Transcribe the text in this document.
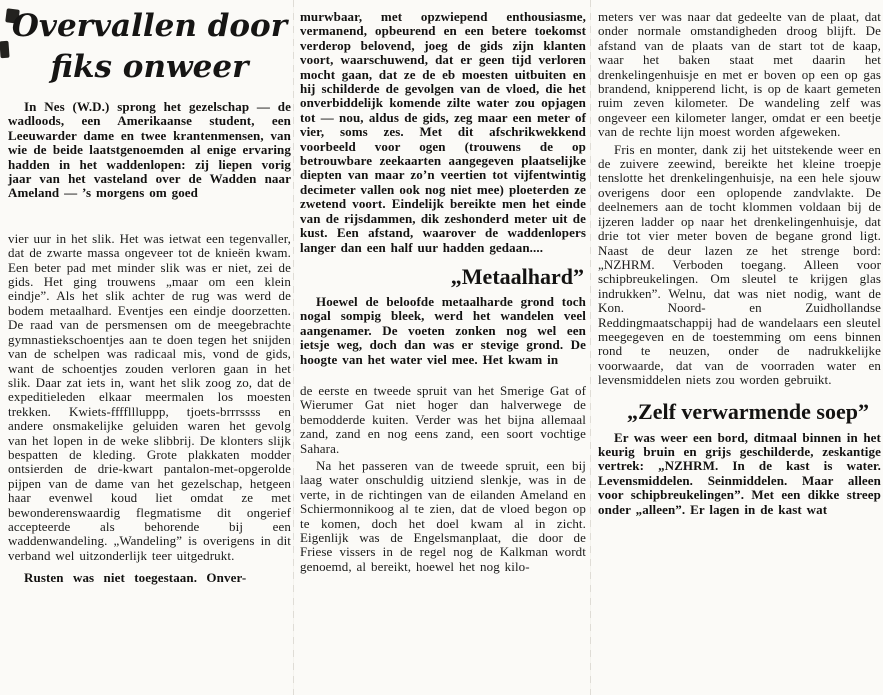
Overvallen door
fiks onweer

In Nes (W.D.) sprong het gezelschap — de wadloods, een Amerikaanse student, een Leeuwarder dame en twee krantenmensen, van wie de beide laatstgenoemden al enige ervaring hadden in het waddenlopen: zij liepen vorig jaar van het vasteland over de Wadden naar Ameland — ’s morgens om goed

vier uur in het slik. Het was ietwat een tegenvaller, dat de zwarte massa ongeveer tot de knieën kwam. Een beter pad met minder slik was er niet, zei de gids. Het ging trouwens „maar om een klein eindje”. Als het slik achter de rug was werd de bodem metaalhard. Eventjes een eindje doorzetten. De raad van de persmensen om de meegebrachte gymnastiekschoentjes aan te doen tegen het snijden van de schelpen was radicaal mis, vond de gids, want de schoentjes zouden verloren gaan in het slik. Daar zat iets in, want het slik zoog zo, dat de expeditieleden elkaar meermalen los moesten trekken. Kwiets-ffffllluppp, tjoets-brrrssss en andere onsmakelijke geluiden waren het gevolg van het lopen in de weke slibbrij. De klonters slijk bespatten de kleding. Grote plakkaten modder ontsierden de drie-kwart pantalon-met-opgerolde pijpen van de dame van het gezelschap, hetgeen haar evenwel koud liet omdat ze met bewonderenswaardig flegmatisme dit ongerief accepteerde als behorende bij een waddenwandeling. „Wandeling” is overigens in dit verband wel uitzonderlijk teer uitgedrukt.

Rusten was niet toegestaan. Onver-

murwbaar, met opzwiepend enthousiasme, vermanend, opbeurend en een betere toekomst verderop belovend, joeg de gids zijn klanten voort, waarschuwend, dat er geen tijd verloren mocht gaan, dat ze de eb moesten uitbuiten en hij schilderde de gevolgen van de vloed, die het onverbiddelijk komende zilte water zou opjagen tot — nou, aldus de gids, zeg maar een meter of vier, soms zes. Met dit afschrikwekkend voorbeeld voor ogen (trouwens de op betrouwbare zeekaarten aangegeven plaatselijke diepten van maar zo’n veertien tot vijfentwintig decimeter vallen ook nog niet mee) ploeterden ze zwetend voort. Eindelijk bereikte men het einde van de rijsdammen, dik zeshonderd meter uit de kust. Een afstand, waarover de waddenlopers langer dan een half uur hadden gedaan....

„Metaalhard”

Hoewel de beloofde metaalharde grond toch nogal sompig bleek, werd het wandelen veel aangenamer. De voeten zonken nog wel een ietsje weg, doch dan was er stevige grond. De hoogte van het water viel mee. Het kwam in

de eerste en tweede spruit van het Smerige Gat of Wierumer Gat niet hoger dan halverwege de bemodderde kuiten. Verder was het bijna allemaal zand, zand en nog eens zand, een soort vochtige Sahara.

Na het passeren van de tweede spruit, een bij laag water onschuldig uitziend slenkje, was in de verte, in de richtingen van de eilanden Ameland en Schiermonnikoog al te zien, dat de vloed begon op te komen, doch het doel kwam al in zicht. Eigenlijk was de Engelsmanplaat, die door de Friese vissers in de regel nog de Kalkman wordt genoemd, al bereikt, hoewel het nog kilo-

meters ver was naar dat gedeelte van de plaat, dat onder normale omstandigheden droog blijft. De afstand van de plaats van de start tot de kaap, waar het baken staat met daarin het drenkelingenhuisje en met er boven op een op gas brandend, knipperend licht, is op de kaart gemeten ruim zeven kilometer. De wandeling zelf was ongeveer een kilometer langer, omdat er een beetje van de rechte lijn moest worden afgeweken.

Fris en monter, dank zij het uitstekende weer en de zuivere zeewind, bereikte het kleine troepje tenslotte het drenkelingenhuisje, na een hele sjouw overigens door een oplopende zandvlakte. De deelnemers aan de tocht klommen voldaan bij de ijzeren ladder op naar het drenkelingenhuisje, dat drie tot vier meter boven de begane grond ligt. Naast de deur lazen ze het strenge bord: „NZHRM. Verboden toegang. Alleen voor schipbreukelingen. Om sleutel te krijgen glas indrukken”. Welnu, dat was niet nodig, want de Kon. Noord- en Zuidhollandse Reddingmaatschappij had de wandelaars een sleutel meegegeven en de toestemming om eens binnen rond te neuzen, onder de nadrukkelijke voorwaarde, dat van de voorraden water en levensmiddelen niets zou worden gebruikt.

„Zelf verwarmende soep”

Er was weer een bord, ditmaal binnen in het keurig bruin en grijs geschilderde, zeskantige vertrek: „NZHRM. In de kast is water. Levensmiddelen. Seinmiddelen. Maar alleen voor schipbreukelingen”. Met een dikke streep onder „alleen”. Er lagen in de kast wat
